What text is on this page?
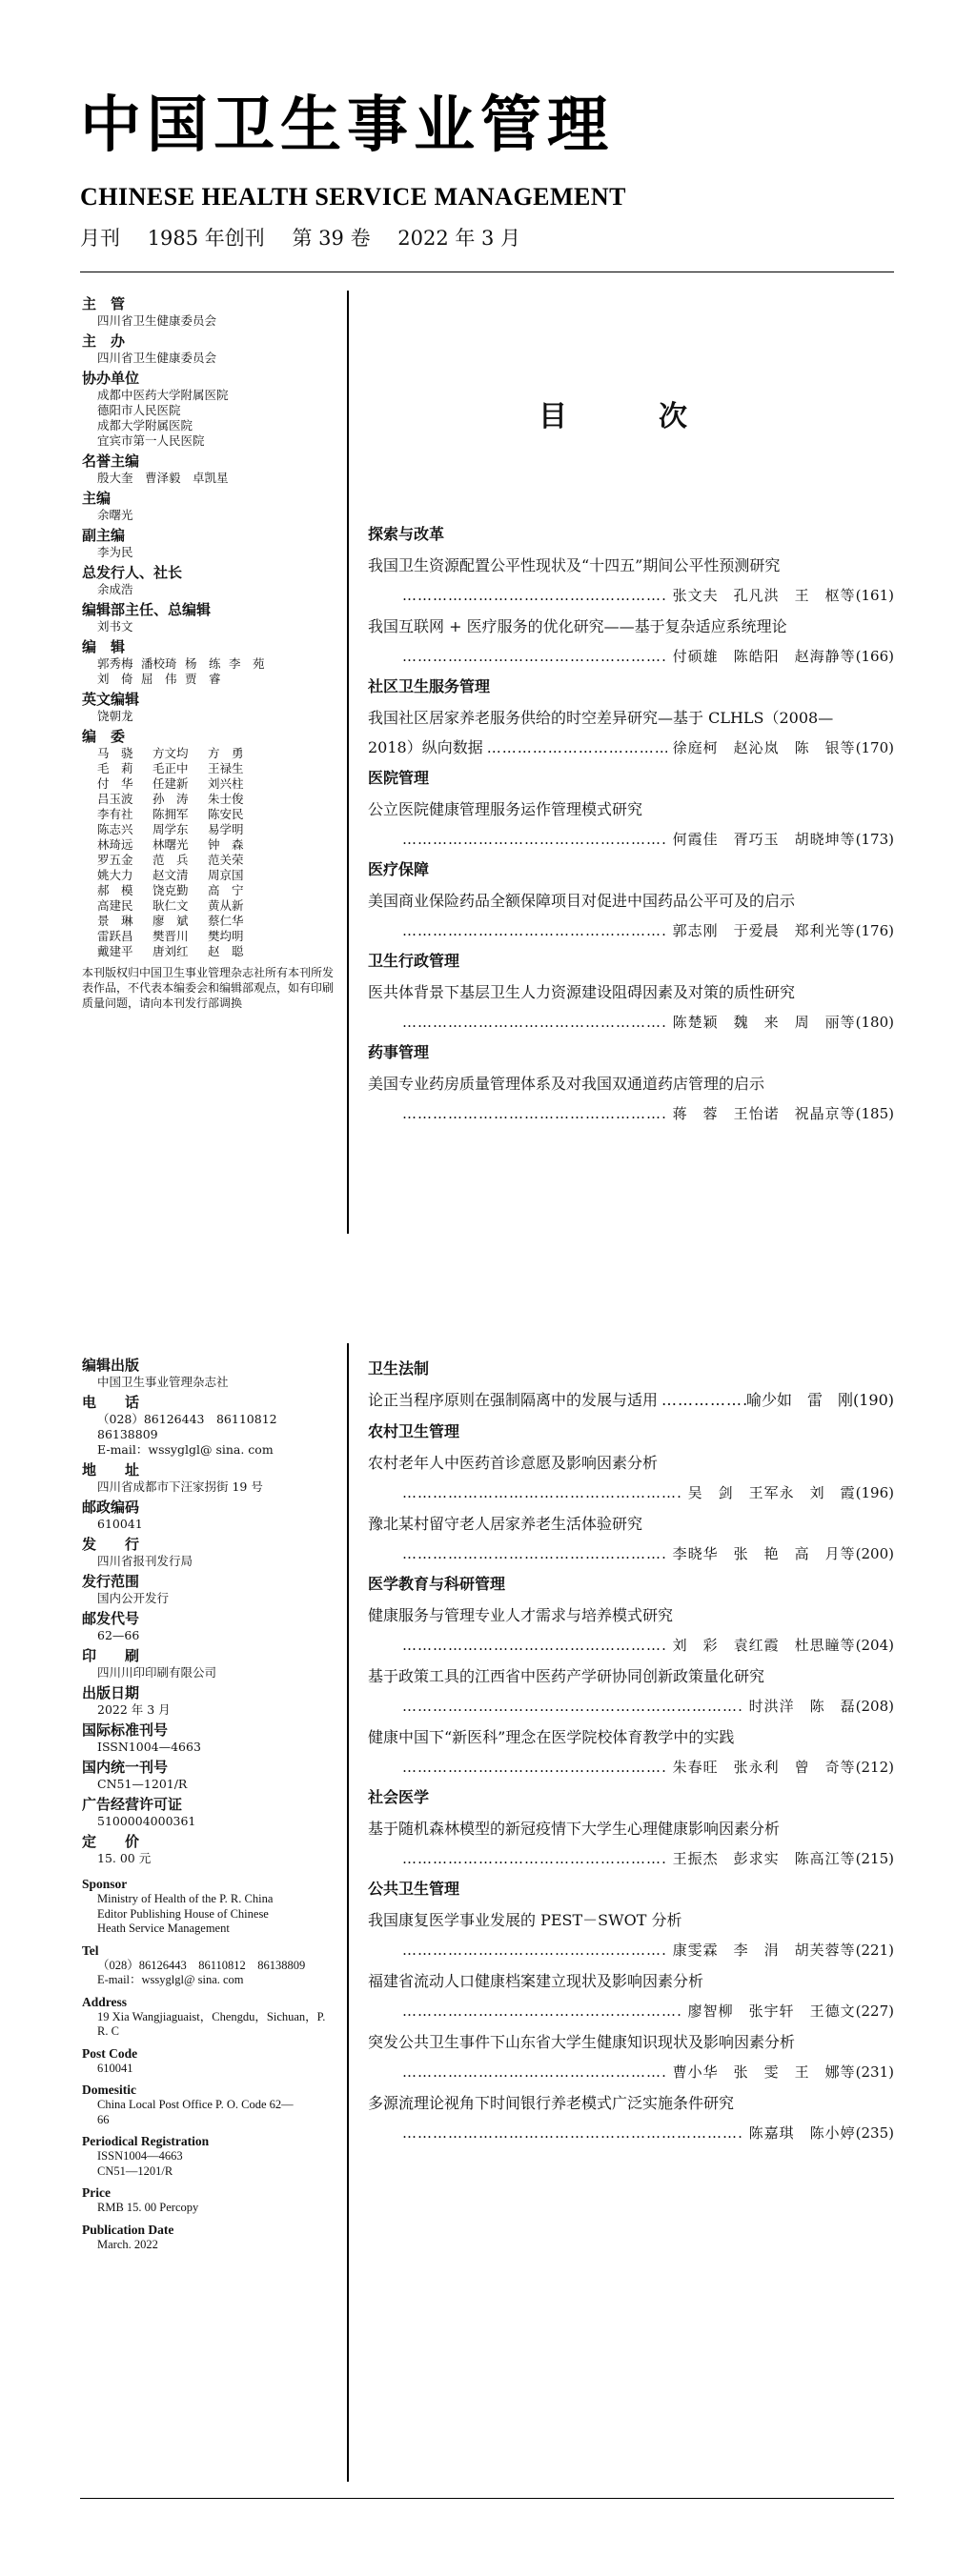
中国卫生事业管理
CHINESE HEALTH SERVICE MANAGEMENT
月刊 1985 年创刊 第 39 卷 2022 年 3 月
主　管
四川省卫生健康委员会
主　办
四川省卫生健康委员会
协办单位
成都中医药大学附属医院
德阳市人民医院
成都大学附属医院
宜宾市第一人民医院
名誉主编
殷大奎　曹泽毅　卓凯星
主编
余曙光
副主编
李为民
总发行人、社长
余成浩
编辑部主任、总编辑
刘书文
编　辑
郭秀梅 潘校琦 杨　练 李　苑
刘　倚 屈　伟 贾　睿
英文编辑
饶朝龙
编　委
马　骁	方文均	方　勇
毛　莉	毛正中	王禄生
付　华	任建新	刘兴柱
吕玉波	孙　涛	朱士俊
李有社	陈拥军	陈安民
陈志兴	周学东	易学明
林琦远	林曙光	钟　森
罗五金	范　兵	范关荣
姚大力	赵文清	周京国
郝　模	饶克勤	高　宁
高建民	耿仁文	黄从新
景　琳	廖　斌	蔡仁华
雷跃昌	樊晋川	樊均明
戴建平	唐刘红	赵　聪
本刊版权归中国卫生事业管理杂志社所有本刊所发表作品，不代表本编委会和编辑部观点，如有印刷质量问题，请向本刊发行部调换
编辑出版
中国卫生事业管理杂志社
电　　话
（028）86126443　86110812　86138809
E-mail：wssyglgl@ sina. com
地　　址
四川省成都市下汪家拐街 19 号
邮政编码
610041
发　　行
四川省报刊发行局
发行范围
国内公开发行
邮发代号
62—66
印　　刷
四川川印印刷有限公司
出版日期
2022 年 3 月
国际标准刊号
ISSN1004—4663
国内统一刊号
CN51—1201/R
广告经营许可证
5100004000361
定　　价
15. 00 元
Sponsor
Ministry of Health of the P. R. China
Editor Publishing House of Chinese
Heath Service Management
Tel
（028）86126443　86110812　86138809
E-mail：wssyglgl@ sina. com
Address
19 Xia Wangjiaguaist，Chengdu，Sichuan，P.
R. C
Post Code
610041
Domesitic
China Local Post Office P. O. Code 62—
66
Periodical Registration
ISSN1004—4663
CN51—1201/R
Price
RMB 15. 00 Percopy
Publication Date
March. 2022
目次
探索与改革
我国卫生资源配置公平性现状及“十四五”期间公平性预测研究
……………………………………………………………………………………………………………………
张文夫　孔凡洪　王　枢等 (161)
我国互联网 + 医疗服务的优化研究——基于复杂适应系统理论
……………………………………………………………………………………………………………………
付硕雄　陈皓阳　赵海静等 (166)
社区卫生服务管理
我国社区居家养老服务供给的时空差异研究—基于 CLHLS（2008—
2018）纵向数据 ……………………………………………………………………………………………………………………	徐庭柯　赵沁岚　陈　银等 (170)
医院管理
公立医院健康管理服务运作管理模式研究
……………………………………………………………………………………………………………………
何霞佳　胥巧玉　胡晓坤等 (173)
医疗保障
美国商业保险药品全额保障项目对促进中国药品公平可及的启示
……………………………………………………………………………………………………………………
郭志刚　于爱晨　郑利光等 (176)
卫生行政管理
医共体背景下基层卫生人力资源建设阻碍因素及对策的质性研究
……………………………………………………………………………………………………………………
陈楚颖　魏　来　周　丽等 (180)
药事管理
美国专业药房质量管理体系及对我国双通道药店管理的启示
……………………………………………………………………………………………………………………
蒋　蓉　王怡诺　祝晶京等 (185)
卫生法制
论正当程序原则在强制隔离中的发展与适用 …………………………	喻少如　雷　刚 (190)
农村卫生管理
农村老年人中医药首诊意愿及影响因素分析
……………………………………………………………………………………………………………………
吴　剑　王军永　刘　霞 (196)
豫北某村留守老人居家养老生活体验研究
……………………………………………………………………………………………………………………
李晓华　张　艳　高　月等 (200)
医学教育与科研管理
健康服务与管理专业人才需求与培养模式研究
……………………………………………………………………………………………………………………
刘　彩　袁红霞　杜思瞳等 (204)
基于政策工具的江西省中医药产学研协同创新政策量化研究
……………………………………………………………………………………………………………………
时洪洋　陈　磊 (208)
健康中国下“新医科”理念在医学院校体育教学中的实践
……………………………………………………………………………………………………………………
朱春旺　张永利　曾　奇等 (212)
社会医学
基于随机森林模型的新冠疫情下大学生心理健康影响因素分析
……………………………………………………………………………………………………………………
王振杰　彭求实　陈高江等 (215)
公共卫生管理
我国康复医学事业发展的 PEST－SWOT 分析
……………………………………………………………………………………………………………………
康雯霖　李　涓　胡芙蓉等 (221)
福建省流动人口健康档案建立现状及影响因素分析
……………………………………………………………………………………………………………………
廖智柳　张宇轩　王德文 (227)
突发公共卫生事件下山东省大学生健康知识现状及影响因素分析
……………………………………………………………………………………………………………………
曹小华　张　雯　王　娜等 (231)
多源流理论视角下时间银行养老模式广泛实施条件研究
……………………………………………………………………………………………………………………
陈嘉琪　陈小婷 (235)
